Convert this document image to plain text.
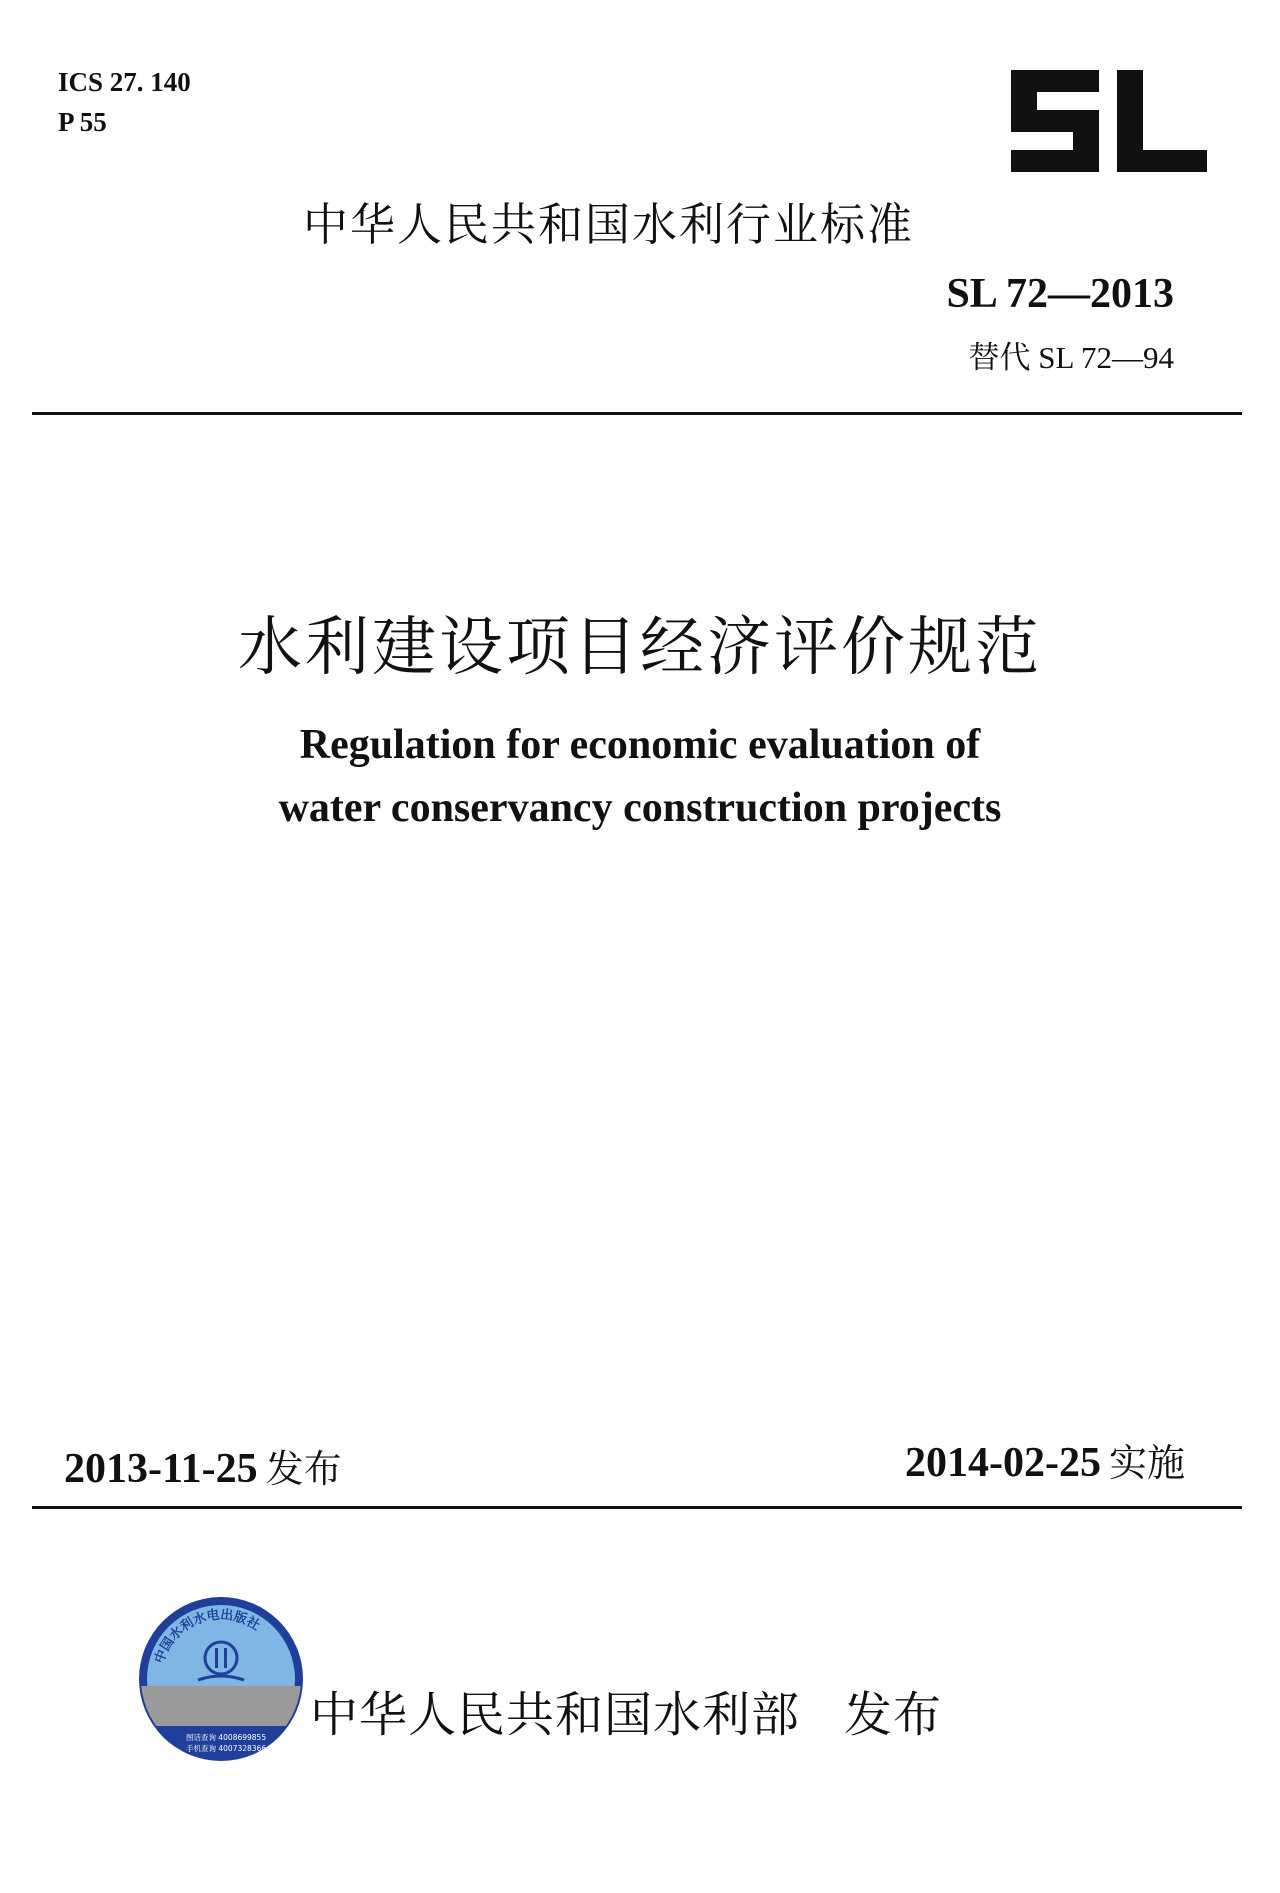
ICS 27. 140
P 55
中华人民共和国水利行业标准
SL 72—2013
替代 SL 72—94
水利建设项目经济评价规范
Regulation for economic evaluation of
water conservancy construction projects
2013-11-25 发布	2014-02-25 实施
中国水利水电出版社
图话查询 4008699855
手机查询 4007328366
中华人民共和国水利部 发布
